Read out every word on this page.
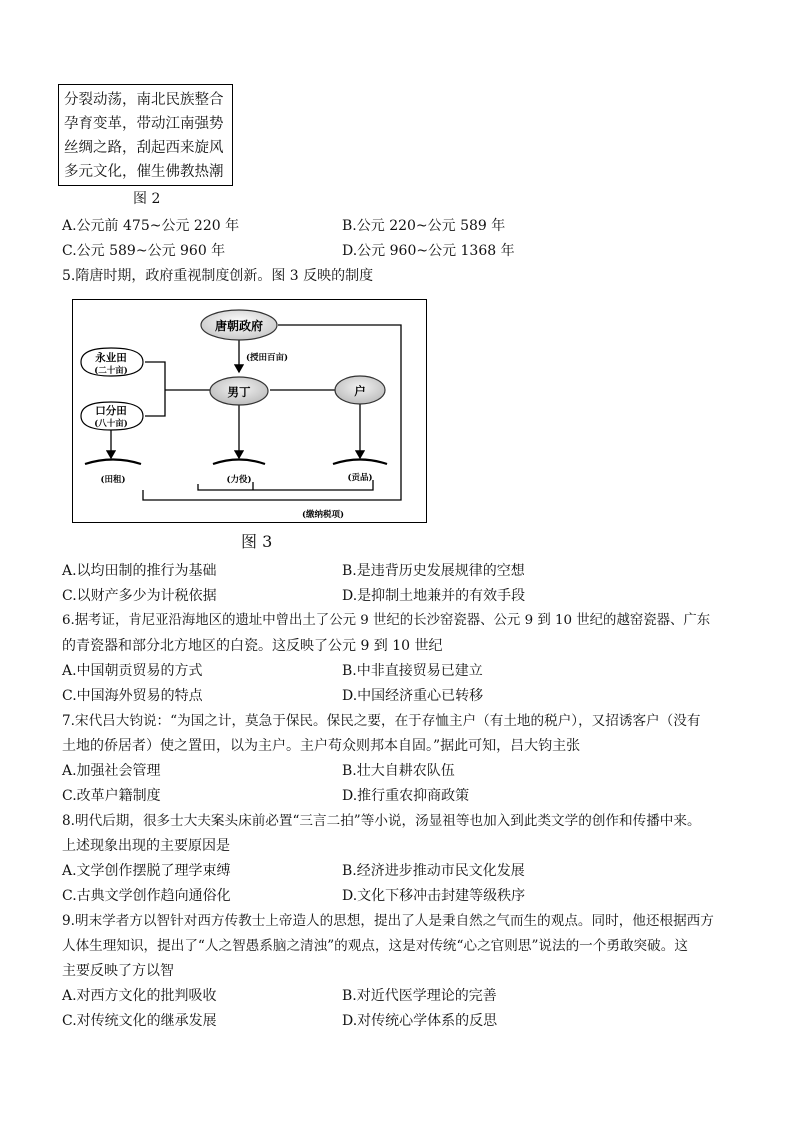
分裂动荡，南北民族整合
孕育变革，带动江南强势
丝绸之路，刮起西来旋风
多元文化，催生佛教热潮
图 2
A.公元前 475~公元 220 年	B.公元 220~公元 589 年
C.公元 589~公元 960 年	D.公元 960~公元 1368 年
5.隋唐时期，政府重视制度创新。图 3 反映的制度
唐朝政府
(授田百亩)
永业田
(二十亩)
口分田
(八十亩)
男丁	户
(田租)	(力役)	(贡品)
(缴纳税项)
图 3
A.以均田制的推行为基础	B.是违背历史发展规律的空想
C.以财产多少为计税依据	D.是抑制土地兼并的有效手段
6.据考证，肯尼亚沿海地区的遗址中曾出土了公元 9 世纪的长沙窑瓷器、公元 9 到 10 世纪的越窑瓷器、广东
的青瓷器和部分北方地区的白瓷。这反映了公元 9 到 10 世纪
A.中国朝贡贸易的方式	B.中非直接贸易已建立
C.中国海外贸易的特点	D.中国经济重心已转移
7.宋代吕大钧说：“为国之计，莫急于保民。保民之要，在于存恤主户（有土地的税户），又招诱客户（没有
土地的侨居者）使之置田，以为主户。主户苟众则邦本自固。”据此可知，吕大钧主张
A.加强社会管理	B.壮大自耕农队伍
C.改革户籍制度	D.推行重农抑商政策
8.明代后期，很多士大夫案头床前必置“三言二拍”等小说，汤显祖等也加入到此类文学的创作和传播中来。
上述现象出现的主要原因是
A.文学创作摆脱了理学束缚	B.经济进步推动市民文化发展
C.古典文学创作趋向通俗化	D.文化下移冲击封建等级秩序
9.明末学者方以智针对西方传教士上帝造人的思想，提出了人是秉自然之气而生的观点。同时，他还根据西方
人体生理知识，提出了“人之智愚系脑之清浊”的观点，这是对传统“心之官则思”说法的一个勇敢突破。这
主要反映了方以智
A.对西方文化的批判吸收	B.对近代医学理论的完善
C.对传统文化的继承发展	D.对传统心学体系的反思
